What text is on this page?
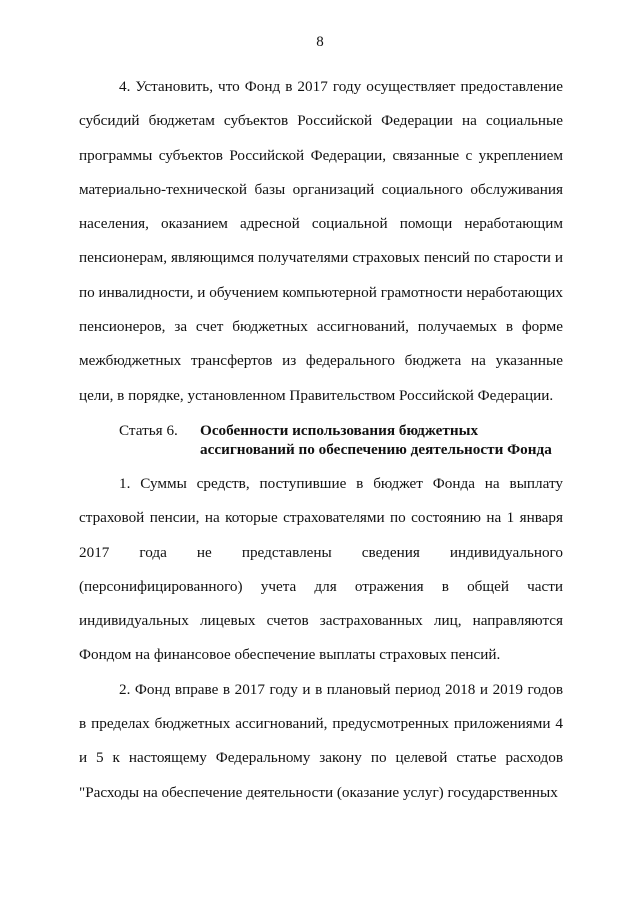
8

4. Установить, что Фонд в 2017 году осуществляет предоставление субсидий бюджетам субъектов Российской Федерации на социальные программы субъектов Российской Федерации, связанные с укреплением материально-технической базы организаций социального обслуживания населения, оказанием адресной социальной помощи неработающим пенсионерам, являющимся получателями страховых пенсий по старости и по инвалидности, и обучением компьютерной грамотности неработающих пенсионеров, за счет бюджетных ассигнований, получаемых в форме межбюджетных трансфертов из федерального бюджета на указанные цели, в порядке, установленном Правительством Российской Федерации.

Статья 6.	Особенности использования бюджетных
ассигнований по обеспечению деятельности Фонда

1. Суммы средств, поступившие в бюджет Фонда на выплату страховой пенсии, на которые страхователями по состоянию на 1 января 2017 года не представлены сведения индивидуального (персонифицированного) учета для отражения в общей части индивидуальных лицевых счетов застрахованных лиц, направляются Фондом на финансовое обеспечение выплаты страховых пенсий.

2. Фонд вправе в 2017 году и в плановый период 2018 и 2019 годов в пределах бюджетных ассигнований, предусмотренных приложениями 4 и 5 к настоящему Федеральному закону по целевой статье расходов "Расходы на обеспечение деятельности (оказание услуг) государственных
